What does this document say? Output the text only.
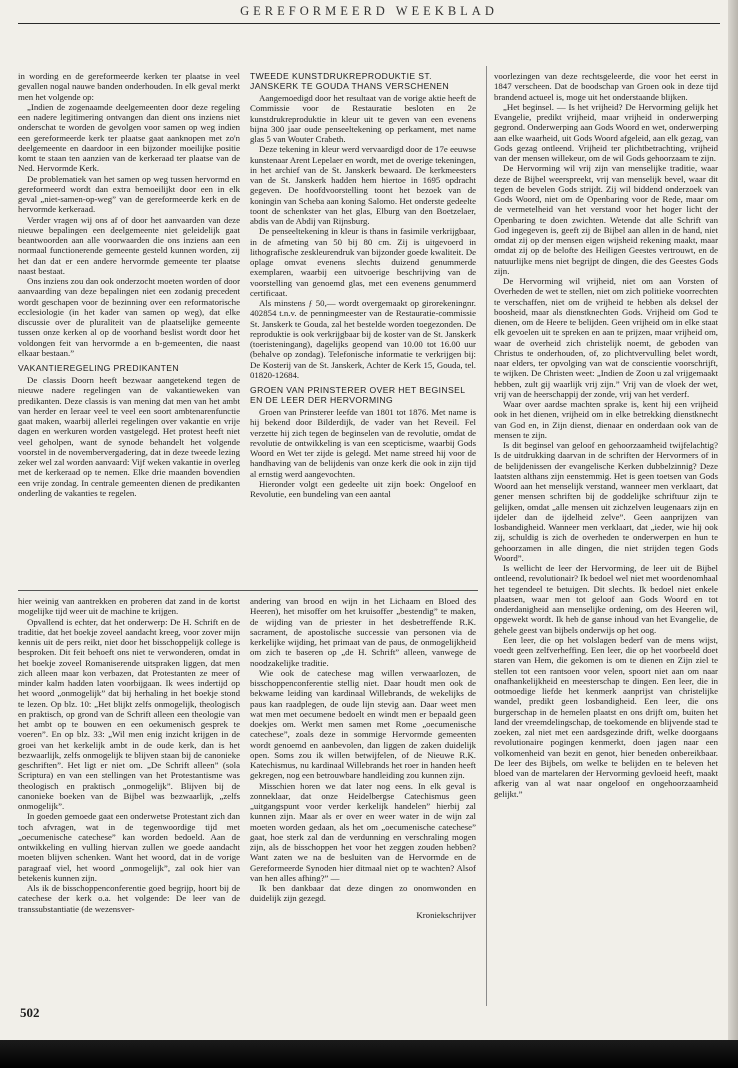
GEREFORMEERD WEEKBLAD

in wording en de gereformeerde kerken ter plaatse in veel gevallen nogal nauwe banden onderhouden. In elk geval merkt men het volgende op:

„Indien de zogenaamde deelgemeenten door deze regeling een nadere legitimering ontvangen dan dient ons inziens niet onderschat te worden de gevolgen voor samen op weg indien een gereformeerde kerk ter plaatse gaat aanknopen met zo'n deelgemeente en daardoor in een bijzonder moeilijke positie komt te staan ten aanzien van de kerkeraad ter plaatse van de Ned. Hervormde Kerk.

De problematiek van het samen op weg tussen hervormd en gereformeerd wordt dan extra bemoeilijkt door een in elk geval „niet-samen-op-weg” van de gereformeerde kerk en de hervormde kerkeraad.

Verder vragen wij ons af of door het aanvaarden van deze nieuwe bepalingen een deelgemeente niet geleidelijk gaat beantwoorden aan alle voorwaarden die ons inziens aan een normaal functionerende gemeente gesteld kunnen worden, zij het dan dat er een andere hervormde gemeente ter plaatse naast bestaat.

Ons inziens zou dan ook onderzocht moeten worden of door aanvaarding van deze bepalingen niet een zodanig precedent wordt geschapen voor de bezinning over een reformatorische ecclesiologie (in het kader van samen op weg), dat elke discussie over de pluraliteit van de plaatselijke gemeente tussen onze kerken al op de voorhand beslist wordt door het voldongen feit van hervormde a en b-gemeenten, die naast elkaar bestaan.”

VAKANTIEREGELING PREDIKANTEN

De classis Doorn heeft bezwaar aangetekend tegen de nieuwe nadere regelingen van de vakantieweken van predikanten. Deze classis is van mening dat men van het ambt van herder en leraar veel te veel een soort ambtenarenfunctie gaat maken, waarbij allerlei regelingen over vakantie en vrije dagen en werkuren worden vastgelegd. Het protest heeft niet veel geholpen, want de synode behandelt het volgende voorstel in de novembervergadering, dat in deze tweede lezing zeker wel zal worden aanvaard: Vijf weken vakantie in overleg met de kerkeraad op te nemen. Elke drie maanden bovendien een vrije zondag. In centrale gemeenten dienen de predikanten onderling de vakanties te regelen.

TWEEDE KUNSTDRUKREPRODUKTIE ST. JANSKERK TE GOUDA THANS VERSCHENEN

Aangemoedigd door het resultaat van de vorige aktie heeft de Commissie voor de Restauratie besloten en 2e kunstdrukreproduktie in kleur uit te geven van een evenens bijna 300 jaar oude penseeltekening op perkament, met name glas 5 van Wouter Crabeth.

Deze tekening in kleur werd vervaardigd door de 17e eeuwse kunstenaar Arent Lepelaer en wordt, met de overige tekeningen, in het archief van de St. Janskerk bewaard. De kerkmeesters van de St. Janskerk hadden hem hiertoe in 1695 opdracht gegeven. De hoofdvoorstelling toont het bezoek van de koningin van Scheba aan koning Salomo. Het onderste gedeelte toont de schenkster van het glas, Elburg van den Boetzelaer, abdis van de Abdij van Rijnsburg.

De penseeltekening in kleur is thans in fasimile verkrijgbaar, in de afmeting van 50 bij 80 cm. Zij is uitgevoerd in lithografische zeskleurendruk van bijzonder goede kwaliteit. De oplage omvat evenens slechts duizend genummerde exemplaren, waarbij een uitvoerige beschrijving van de voorstelling van genoemd glas, met een evenens genummerd certificaat.

Als minstens ƒ 50,— wordt overgemaakt op girorekeningnr. 402854 t.n.v. de penningmeester van de Restauratie-commissie St. Janskerk te Gouda, zal het bestelde worden toegezonden. De reproduktie is ook verkrijgbaar bij de koster van de St. Janskerk (toeristeningang), dagelijks geopend van 10.00 tot 16.00 uur (behalve op zondag). Telefonische informatie te verkrijgen bij: De Kosterij van de St. Janskerk, Achter de Kerk 15, Gouda, tel. 01820-12684.

GROEN VAN PRINSTERER OVER HET BEGINSEL EN DE LEER DER HERVORMING

Groen van Prinsterer leefde van 1801 tot 1876. Met name is hij bekend door Bilderdijk, de vader van het Reveil. Fel verzette hij zich tegen de beginselen van de revolutie, omdat de revolutie de ontwikkeling is van een scepticisme, waarbij Gods Woord en Wet ter zijde is gelegd. Met name streed hij voor de handhaving van de belijdenis van onze kerk die ook in zijn tijd al ernstig werd aangevochten.

Hieronder volgt een gedeelte uit zijn boek: Ongeloof en Revolutie, een bundeling van een aantal

hier weinig van aantrekken en proberen dat zand in de kortst mogelijke tijd weer uit de machine te krijgen.

Opvallend is echter, dat het onderwerp: De H. Schrift en de traditie, dat het boekje zoveel aandacht kreeg, voor zover mijn kennis uit de pers reikt, niet door het bisschoppelijk college is besproken. Dit feit behoeft ons niet te verwonderen, omdat in het boekje zoveel Romaniserende uitspraken liggen, dat men zich alleen maar kon verbazen, dat Protestanten ze meer of minder kalm hadden laten voorbijgaan. Ik wees indertijd op het woord „onmogelijk” dat bij herhaling in het boekje stond te lezen. Op blz. 10: „Het blijkt zelfs onmogelijk, theologisch en praktisch, op grond van de Schrift alleen een theologie van het ambt op te bouwen en een oekumenisch gesprek te voeren”. En op blz. 33: „Wil men enig inzicht krijgen in de groei van het kerkelijk ambt in de oude kerk, dan is het bezwaarlijk, zelfs onmogelijk te blijven staan bij de canonieke geschriften”. Het ligt er niet om. „De Schrift alleen” (sola Scriptura) en van een stellingen van het Protestantisme was theologisch en praktisch „onmogelijk”. Blijven bij de canonieke boeken van de Bijbel was bezwaarlijk, „zelfs onmogelijk”.

In goeden gemoede gaat een onderwetse Protestant zich dan toch afvragen, wat in de tegenwoordige tijd met „oecumenische catechese” kan worden bedoeld. Aan de ontwikkeling en vulling hiervan zullen we goede aandacht moeten blijven schenken. Want het woord, dat in de vorige paragraaf viel, het woord „onmogelijk”, zal ook hier van betekenis kunnen zijn.

Als ik de bisschoppenconferentie goed begrijp, hoort bij de catechese der kerk o.a. het volgende: De leer van de transsubstantiatie (de wezensver-

andering van brood en wijn in het Lichaam en Bloed des Heeren), het misoffer om het kruisoffer „bestendig” te maken, de wijding van de priester in het desbetreffende R.K. sacrament, de apostolische successie van personen via de kerkelijke wijding, het primaat van de paus, de onmogelijkheid om zich te baseren op „de H. Schrift” alleen, vanwege de noodzakelijke traditie.

Wie ook de catechese mag willen verwaarlozen, de bisschoppenconferentie stellig niet. Daar houdt men ook de bekwame leiding van kardinaal Willebrands, de wekelijks de paus kan raadplegen, de oude lijn stevig aan. Daar weet men wat men met oecumene bedoelt en windt men er bepaald geen doekjes om. Werkt men samen met Rome „oecumenische catechese”, zoals deze in sommige Hervormde gemeenten wordt genoemd en aanbevolen, dan liggen de zaken duidelijk open. Soms zou ik willen betwijfelen, of de Nieuwe R.K. Katechismus, nu kardinaal Willebrands het roer in handen heeft gekregen, nog een betrouwbare handleiding zou kunnen zijn.

Misschien horen we dat later nog eens. In elk geval is zonneklaar, dat onze Heidelbergse Catechismus geen „uitgangspunt voor verder kerkelijk handelen” hierbij zal kunnen zijn. Maar als er over en weer water in de wijn zal moeten worden gedaan, als het om „oecumenische catechese” gaat, hoe sterk zal dan de verdunning en verschraling mogen zijn, als de bisschoppen het voor het zeggen zouden hebben? Want zaten we na de besluiten van de Hervormde en de Gereformeerde Synoden hier ditmaal niet op te wachten? Alsof van hen alles afhing?” —

Ik ben dankbaar dat deze dingen zo onomwonden en duidelijk zijn gezegd.

Kroniekschrijver

voorlezingen van deze rechtsgeleerde, die voor het eerst in 1847 verscheen. Dat de boodschap van Groen ook in deze tijd brandend actueel is, moge uit het onderstaande blijken.

„Het beginsel. — Is het vrijheid? De Hervorming gelijk het Evangelie, predikt vrijheid, maar vrijheid in onderwerping gegrond. Onderwerping aan Gods Woord en wet, onderwerping aan elke waarheid, uit Gods Woord afgeleid, aan elk gezag, van Gods gezag ontleend. Vrijheid ter plichtbetrachting, vrijheid van der mensen willekeur, om de wil Gods gehoorzaam te zijn.

De Hervorming wil vrij zijn van menselijke traditie, waar deze de Bijbel weerspreekt, vrij van menselijk bevel, waar dit tegen de bevelen Gods strijdt. Zij wil biddend onderzoek van Gods Woord, niet om de Openbaring voor de Rede, maar om de vermetelheid van het verstand voor het hoger licht der Openbaring te doen zwichten. Wetende dat alle Schrift van God ingegeven is, geeft zij de Bijbel aan allen in de hand, niet omdat zij op der mensen eigen wijsheid rekening maakt, maar omdat zij op de belofte des Heiligen Geestes vertrouwt, en de natuurlijke mens niet begrijpt de dingen, die des Geestes Gods zijn.

De Hervorming wil vrijheid, niet om aan Vorsten of Overheden de wet te stellen, niet om zich politieke voorrechten te verschaffen, niet om de vrijheid te hebben als deksel der boosheid, maar als dienstknechten Gods. Vrijheid om God te dienen, om de Heere te belijden. Geen vrijheid om in elke staat elk gevoelen uit te spreken en aan te prijzen, maar vrijheid om, waar de overheid zich christelijk noemt, de geboden van Christus te onderhouden, of, zo plichtvervulling belet wordt, naar elders, ter opvolging van wat de conscientie voorschrijft, te wijken. De Christen weet: „Indien de Zoon u zal vrijgemaakt hebben, zult gij waarlijk vrij zijn.” Vrij van de vloek der wet, vrij van de heerschappij der zonde, vrij van het verderf.

Waar over aardse machten sprake is, kent hij een vrijheid ook in het dienen, vrijheid om in elke betrekking dienstknecht van God en, in Zijn dienst, dienaar en onderdaan ook van de mensen te zijn.

Is dit beginsel van geloof en gehoorzaamheid twijfelachtig? Is de uitdrukking daarvan in de schriften der Hervormers of in de belijdenissen der evangelische Kerken dubbelzinnig? Deze laatsten althans zijn eenstemmig. Het is geen toetsen van Gods Woord aan het menselijk verstand, wanneer men verklaart, dat gener mensen schriften bij de goddelijke schriftuur zijn te gelijken, omdat „alle mensen uit zichzelven leugenaars zijn en ijdeler dan de ijdelheid zelve”. Geen aanprijzen van losbandigheid. Wanneer men verklaart, dat „ieder, wie hij ook zij, schuldig is zich de overheden te onderwerpen en hun te gehoorzamen in alle dingen, die niet strijden tegen Gods Woord”.

Is wellicht de leer der Hervorming, de leer uit de Bijbel ontleend, revolutionair? Ik bedoel wel niet met woordenomhaal het tegendeel te betuigen. Dit slechts. Ik bedoel niet enkele plaatsen, waar men tot geloof aan Gods Woord en tot onderdanigheid aan menselijke ordening, om des Heeren wil, opgewekt wordt. Ik heb de ganse inhoud van het Evangelie, de gehele geest van bijbels onderwijs op het oog.

Een leer, die op het volslagen bederf van de mens wijst, voedt geen zelfverheffing. Een leer, die op het voorbeeld doet staren van Hem, die gekomen is om te dienen en Zijn ziel te stellen tot een rantsoen voor velen, spoort niet aan om naar onafhankelijkheid en meesterschap te dingen. Een leer, die in ootmoedige liefde het kenmerk aanprijst van christelijke wandel, predikt geen losbandigheid. Een leer, die ons burgerschap in de hemelen plaatst en ons drijft om, buiten het land der vreemdelingschap, de toekomende en blijvende stad te zoeken, zal niet met een aardsgezinde drift, welke doorgaans revolutionaire pogingen kenmerkt, doen jagen naar een volkomenheid van bezit en genot, hier beneden onbereikbaar. De leer des Bijbels, om welke te belijden en te beleven het bloed van de martelaren der Hervorming gevloeid heeft, maakt afkerig van al wat naar ongeloof en ongehoorzaamheid gelijkt.”

502
